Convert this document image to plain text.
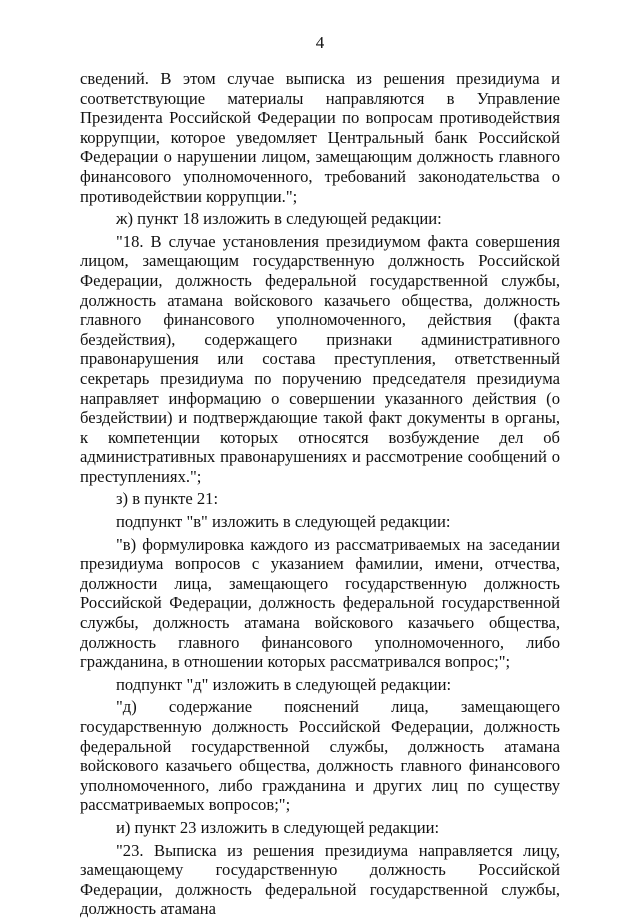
4

сведений. В этом случае выписка из решения президиума и соответствующие материалы направляются в Управление Президента Российской Федерации по вопросам противодействия коррупции, которое уведомляет Центральный банк Российской Федерации о нарушении лицом, замещающим должность главного финансового уполномоченного, требований законодательства о противодействии коррупции.";

ж) пункт 18 изложить в следующей редакции:

"18. В случае установления президиумом факта совершения лицом, замещающим государственную должность Российской Федерации, должность федеральной государственной службы, должность атамана войскового казачьего общества, должность главного финансового уполномоченного, действия (факта бездействия), содержащего признаки административного правонарушения или состава преступления, ответственный секретарь президиума по поручению председателя президиума направляет информацию о совершении указанного действия (о бездействии) и подтверждающие такой факт документы в органы, к компетенции которых относятся возбуждение дел об административных правонарушениях и рассмотрение сообщений о преступлениях.";

з) в пункте 21:

подпункт "в" изложить в следующей редакции:

"в) формулировка каждого из рассматриваемых на заседании президиума вопросов с указанием фамилии, имени, отчества, должности лица, замещающего государственную должность Российской Федерации, должность федеральной государственной службы, должность атамана войскового казачьего общества, должность главного финансового уполномоченного, либо гражданина, в отношении которых рассматривался вопрос;";

подпункт "д" изложить в следующей редакции:

"д) содержание пояснений лица, замещающего государственную должность Российской Федерации, должность федеральной государственной службы, должность атамана войскового казачьего общества, должность главного финансового уполномоченного, либо гражданина и других лиц по существу рассматриваемых вопросов;";

и) пункт 23 изложить в следующей редакции:

"23. Выписка из решения президиума направляется лицу, замещающему государственную должность Российской Федерации, должность федеральной государственной службы, должность атамана
